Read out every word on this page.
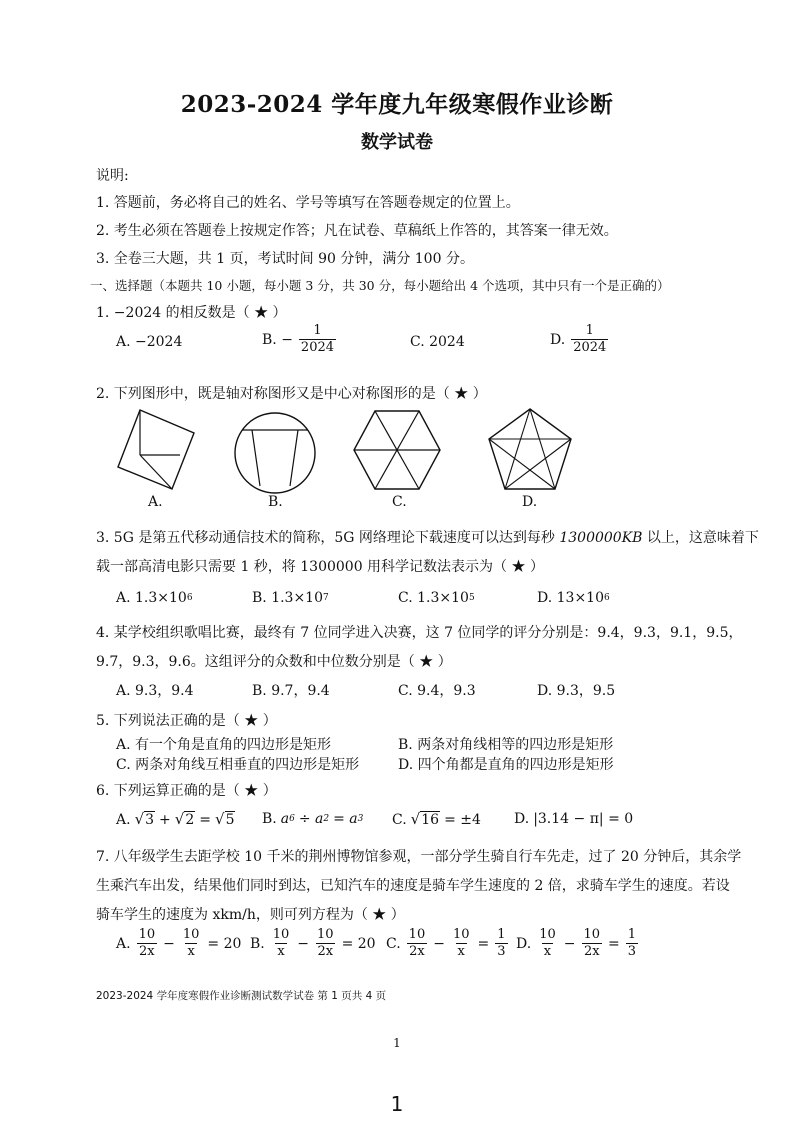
2023-2024 学年度九年级寒假作业诊断
数学试卷
说明:
1. 答题前，务必将自己的姓名、学号等填写在答题卷规定的位置上。
2. 考生必须在答题卷上按规定作答；凡在试卷、草稿纸上作答的，其答案一律无效。
3. 全卷三大题，共 1 页，考试时间 90 分钟，满分 100 分。
一、选择题（本题共 10 小题，每小题 3 分，共 30 分，每小题给出 4 个选项，其中只有一个是正确的）
1. −2024 的相反数是（ ★ ）
A. −2024	B. − $\frac{1}{2024}$	C. 2024	D. $\frac{1}{2024}$
2. 下列图形中，既是轴对称图形又是中心对称图形的是（ ★ ）
A.	B.	C.	D.
3. 5G 是第五代移动通信技术的简称，5G 网络理论下载速度可以达到每秒 1300000KB 以上，这意味着下
载一部高清电影只需要 1 秒，将 1300000 用科学记数法表示为（ ★ ）
A. 1.3×10 6	B. 1.3×10 7	C. 1.3×10 5	D. 13×10 6
4. 某学校组织歌唱比赛，最终有 7 位同学进入决赛，这 7 位同学的评分分别是：9.4，9.3，9.1，9.5，
9.7，9.3，9.6。这组评分的众数和中位数分别是（ ★ ）
A. 9.3，9.4	B. 9.7，9.4	C. 9.4，9.3	D. 9.3，9.5
5. 下列说法正确的是（ ★ ）
A. 有一个角是直角的四边形是矩形	B. 两条对角线相等的四边形是矩形
C. 两条对角线互相垂直的四边形是矩形	D. 四个角都是直角的四边形是矩形
6. 下列运算正确的是（ ★ ）
A. √ 3 + √ 2 = √ 5 B. a 6 ÷ a 2 = a 3 C. √ 16 = ±4 D. |3.14 − π| = 0
7. 八年级学生去距学校 10 千米的荆州博物馆参观，一部分学生骑自行车先走，过了 20 分钟后，其余学
生乘汽车出发，结果他们同时到达，已知汽车的速度是骑车学生速度的 2 倍，求骑车学生的速度。若设
骑车学生的速度为 xkm/h，则可列方程为（ ★ ）
A. $\frac{10}{2x} - \frac{10}{x} = 20$ B. $\frac{10}{x} - \frac{10}{2x} = 20$ C. $\frac{10}{2x} - \frac{10}{x} = \frac{1}{3} D$. $\frac{10}{x} - \frac{10}{2x} = \frac{1}{3}$
2023-2024 学年度寒假作业诊断测试数学试卷 第 1 页共 4 页
1
1
